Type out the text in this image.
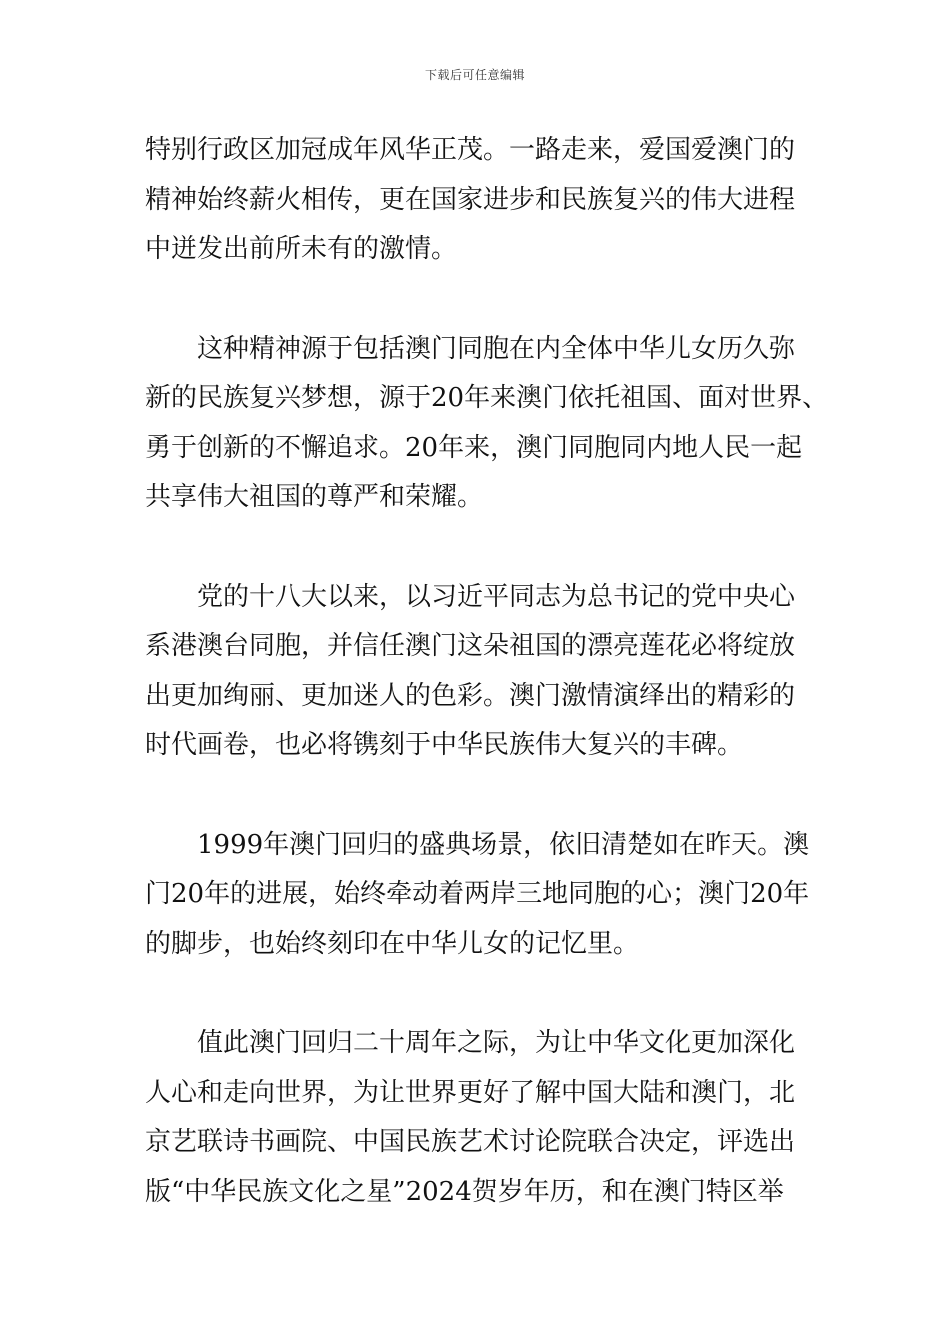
下载后可任意编辑
特别行政区加冠成年风华正茂。一路走来，爱国爱澳门的
精神始终薪火相传，更在国家进步和民族复兴的伟大进程
中迸发出前所未有的激情。
这种精神源于包括澳门同胞在内全体中华儿女历久弥
新的民族复兴梦想，源于20年来澳门依托祖国、面对世界、
勇于创新的不懈追求。20年来，澳门同胞同内地人民一起
共享伟大祖国的尊严和荣耀。
党的十八大以来，以习近平同志为总书记的党中央心
系港澳台同胞，并信任澳门这朵祖国的漂亮莲花必将绽放
出更加绚丽、更加迷人的色彩。澳门激情演绎出的精彩的
时代画卷，也必将镌刻于中华民族伟大复兴的丰碑。
1999年澳门回归的盛典场景，依旧清楚如在昨天。澳
门20年的进展，始终牵动着两岸三地同胞的心；澳门20年
的脚步，也始终刻印在中华儿女的记忆里。
值此澳门回归二十周年之际，为让中华文化更加深化
人心和走向世界，为让世界更好了解中国大陆和澳门，北
京艺联诗书画院、中国民族艺术讨论院联合决定，评选出
版“中华民族文化之星”2024贺岁年历，和在澳门特区举
